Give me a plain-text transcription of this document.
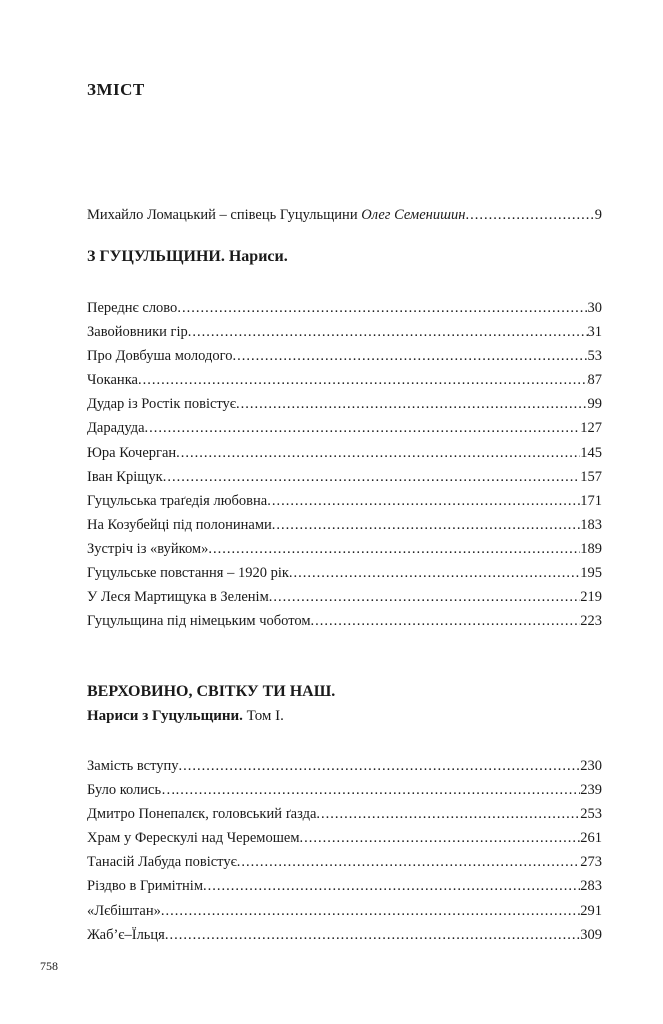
ЗМІСТ
Михайло Ломацький – співець Гуцульщини Олег Семенишин .....	9
З ГУЦУЛЬЩИНИ. Нариси.
Переднє слово .....	30
Завойовники гір .....	31
Про Довбуша молодого .....	53
Чоканка .....	87
Дудар із Ростік повістує .....	99
Дарадуда .....	127
Юра Кочерган .....	145
Іван Кріщук .....	157
Гуцульська траґедія любовна .....	171
На Козубейці під полонинами .....	183
Зустріч із «вуйком» .....	189
Гуцульське повстання – 1920 рік .....	195
У Леся Мартищука в Зеленім .....	219
Гуцульщина під німецьким чоботом .....	223
ВЕРХОВИНО, СВІТКУ ТИ НАШ.
Нариси з Гуцульщини. Том I.
Замість вступу .....	230
Було колись… .....	239
Дмитро Понепалєк, головський ґазда .....	253
Храм у Ферескулі над Черемошем .....	261
Танасій Лабуда повістує .....	273
Різдво в Гримітнім .....	283
«Лєбіштан» .....	291
Жаб’є–Їльця .....	309
758
